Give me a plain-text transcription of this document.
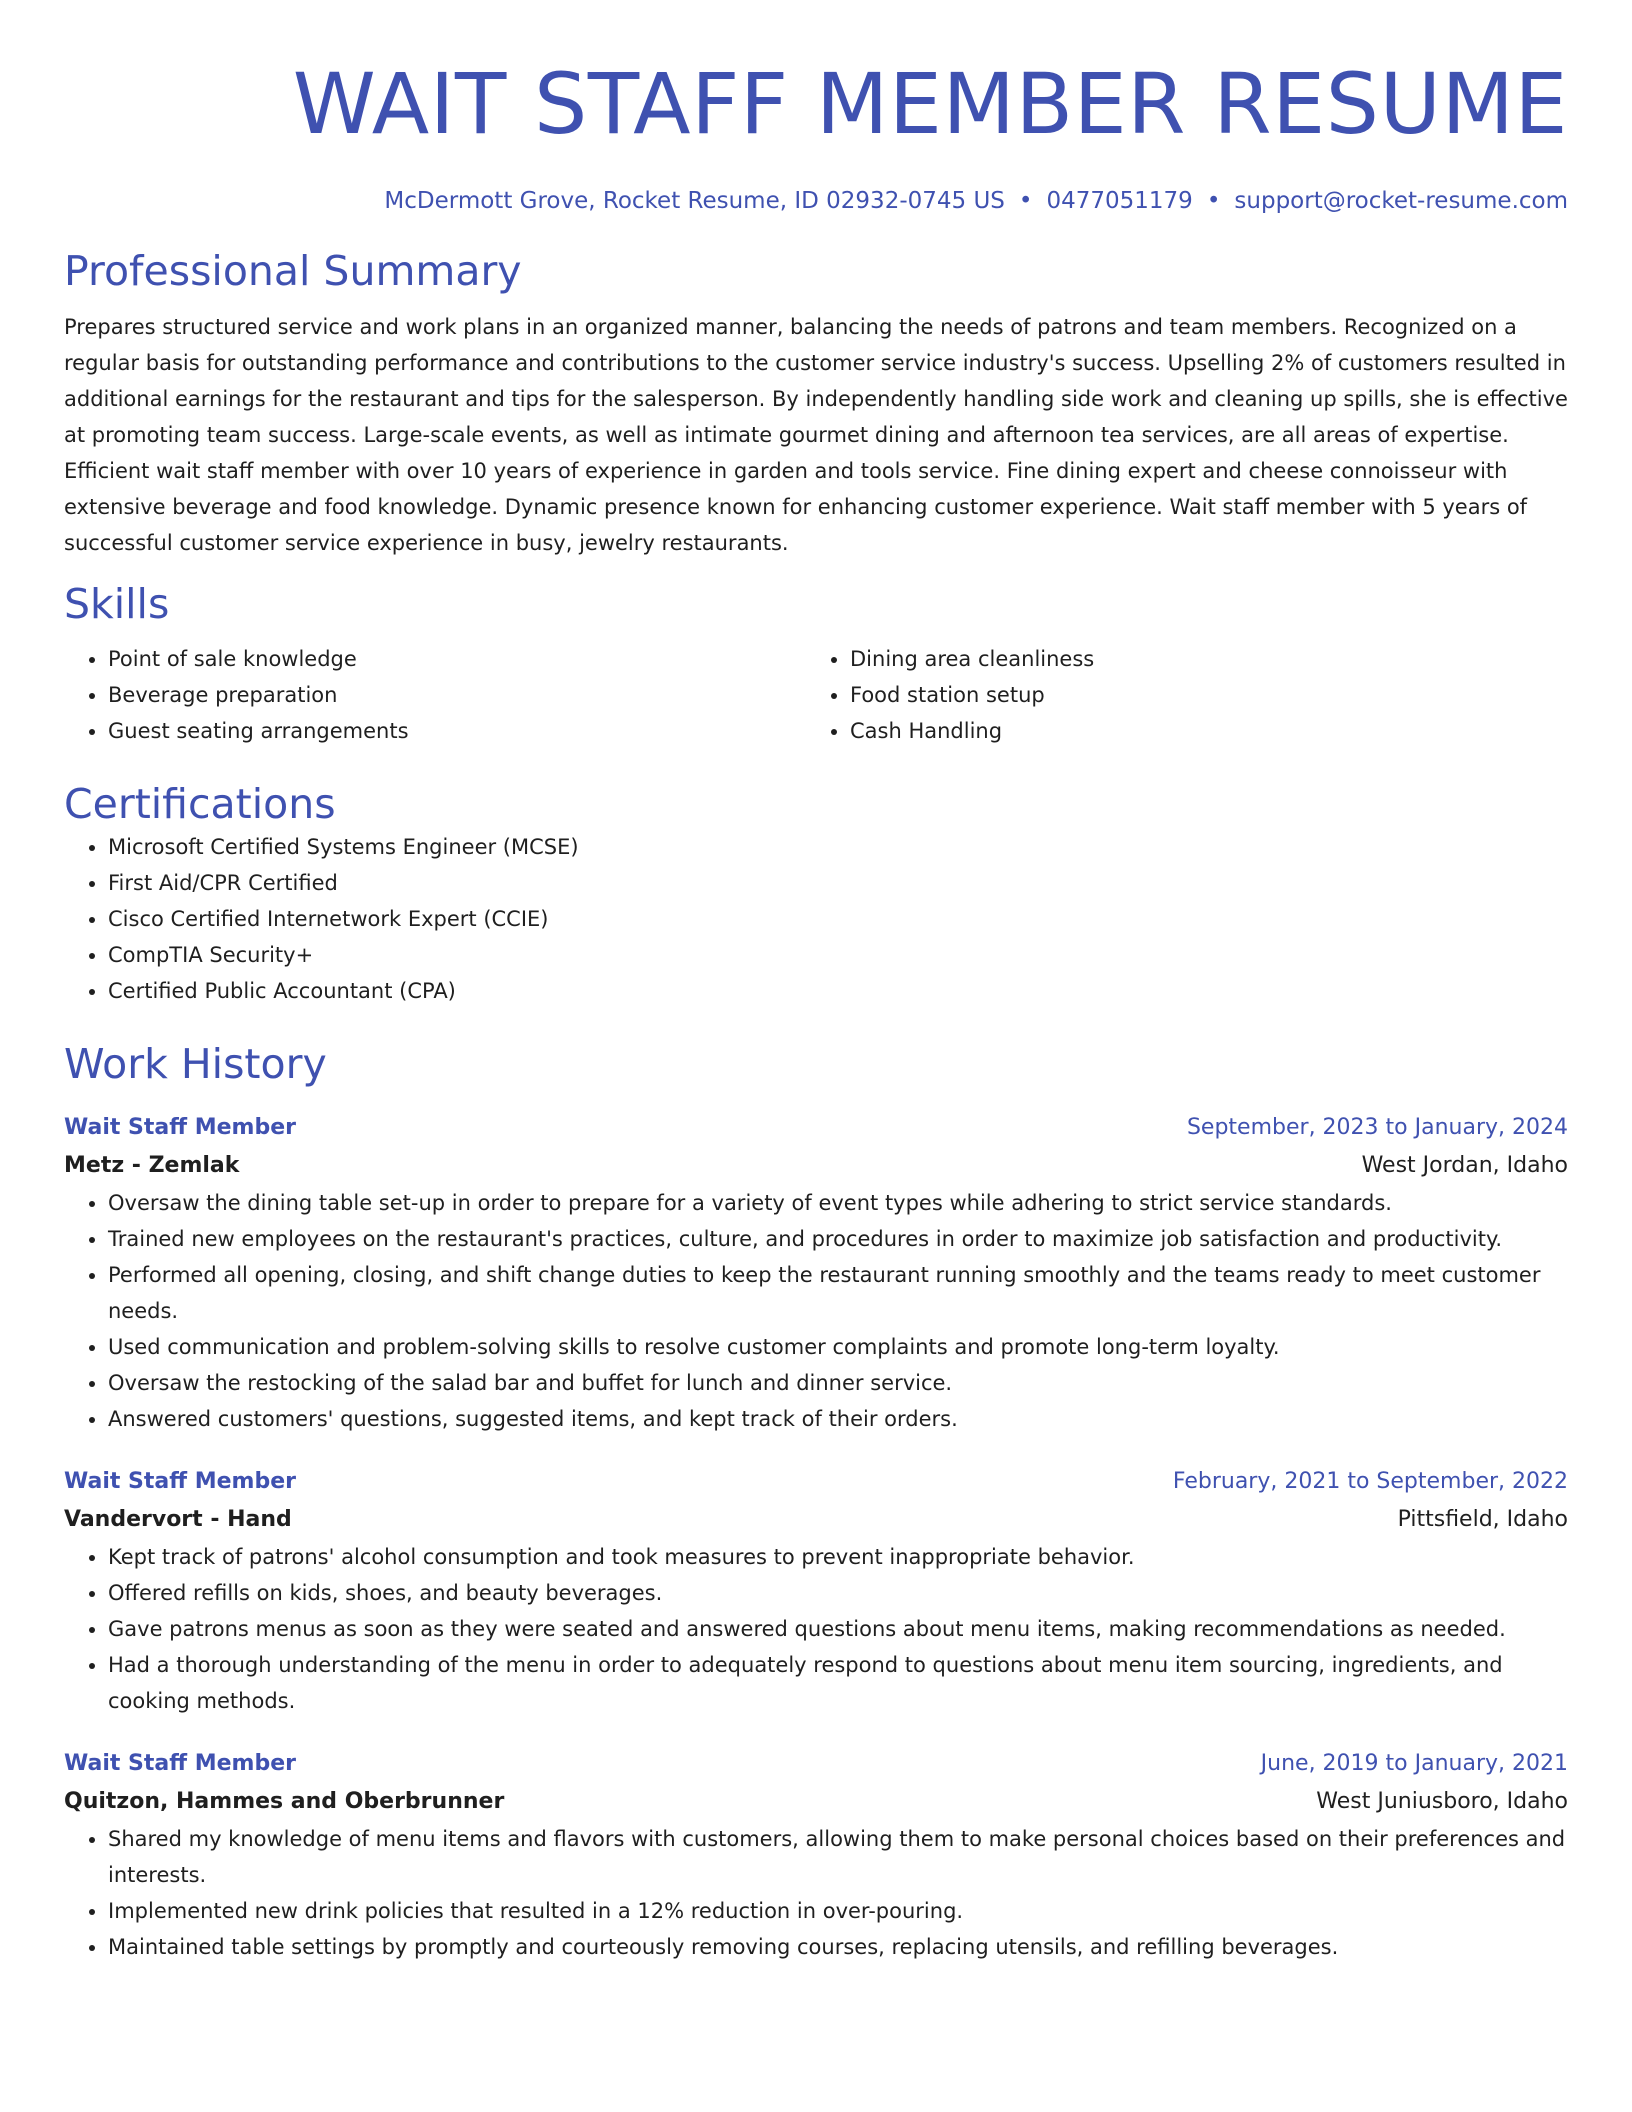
WAIT STAFF MEMBER RESUME
McDermott Grove, Rocket Resume, ID 02932-0745 US • 0477051179 • support@rocket-resume.com
Professional Summary

Prepares structured service and work plans in an organized manner, balancing the needs of patrons and team members. Recognized on a regular basis for outstanding performance and contributions to the customer service industry's success. Upselling 2% of customers resulted in additional earnings for the restaurant and tips for the salesperson. By independently handling side work and cleaning up spills, she is effective at promoting team success. Large-scale events, as well as intimate gourmet dining and afternoon tea services, are all areas of expertise. Efficient wait staff member with over 10 years of experience in garden and tools service. Fine dining expert and cheese connoisseur with extensive beverage and food knowledge. Dynamic presence known for enhancing customer experience. Wait staff member with 5 years of successful customer service experience in busy, jewelry restaurants.

Skills
• Point of sale knowledge
• Beverage preparation
• Guest seating arrangements
• Dining area cleanliness
• Food station setup
• Cash Handling
Certifications
• Microsoft Certified Systems Engineer (MCSE)
• First Aid/CPR Certified
• Cisco Certified Internetwork Expert (CCIE)
• CompTIA Security+
• Certified Public Accountant (CPA)
Work History
Wait Staff Member	September, 2023 to January, 2024
Metz - Zemlak	West Jordan, Idaho
• Oversaw the dining table set-up in order to prepare for a variety of event types while adhering to strict service standards.
• Trained new employees on the restaurant's practices, culture, and procedures in order to maximize job satisfaction and productivity.
• Performed all opening, closing, and shift change duties to keep the restaurant running smoothly and the teams ready to meet customer needs.
• Used communication and problem-solving skills to resolve customer complaints and promote long-term loyalty.
• Oversaw the restocking of the salad bar and buffet for lunch and dinner service.
• Answered customers' questions, suggested items, and kept track of their orders.
Wait Staff Member	February, 2021 to September, 2022
Vandervort - Hand	Pittsfield, Idaho
• Kept track of patrons' alcohol consumption and took measures to prevent inappropriate behavior.
• Offered refills on kids, shoes, and beauty beverages.
• Gave patrons menus as soon as they were seated and answered questions about menu items, making recommendations as needed.
• Had a thorough understanding of the menu in order to adequately respond to questions about menu item sourcing, ingredients, and cooking methods.
Wait Staff Member	June, 2019 to January, 2021
Quitzon, Hammes and Oberbrunner	West Juniusboro, Idaho
• Shared my knowledge of menu items and flavors with customers, allowing them to make personal choices based on their preferences and interests.
• Implemented new drink policies that resulted in a 12% reduction in over-pouring.
• Maintained table settings by promptly and courteously removing courses, replacing utensils, and refilling beverages.
